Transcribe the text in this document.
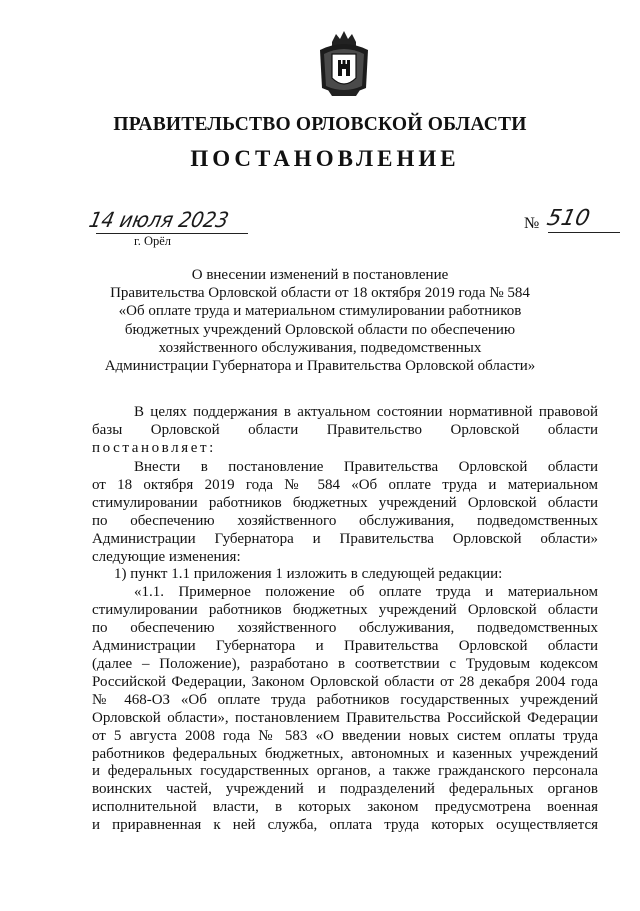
ПРАВИТЕЛЬСТВО ОРЛОВСКОЙ ОБЛАСТИ
ПОСТАНОВЛЕНИЕ
14 июля 2023
г. Орёл
№ 510
О внесении изменений в постановление
Правительства Орловской области от 18 октября 2019 года № 584
«Об оплате труда и материальном стимулировании работников
бюджетных учреждений Орловской области по обеспечению
хозяйственного обслуживания, подведомственных
Администрации Губернатора и Правительства Орловской области»
В целях поддержания в актуальном состоянии нормативной правовой
базы Орловской области Правительство Орловской области
постановляет:
Внести в постановление Правительства Орловской области
от 18 октября 2019 года № 584 «Об оплате труда и материальном
стимулировании работников бюджетных учреждений Орловской области
по обеспечению хозяйственного обслуживания, подведомственных
Администрации Губернатора и Правительства Орловской области»
следующие изменения:
1) пункт 1.1 приложения 1 изложить в следующей редакции:
«1.1. Примерное положение об оплате труда и материальном
стимулировании работников бюджетных учреждений Орловской области
по обеспечению хозяйственного обслуживания, подведомственных
Администрации Губернатора и Правительства Орловской области
(далее – Положение), разработано в соответствии с Трудовым кодексом
Российской Федерации, Законом Орловской области от 28 декабря 2004 года
№ 468-ОЗ «Об оплате труда работников государственных учреждений
Орловской области», постановлением Правительства Российской Федерации
от 5 августа 2008 года № 583 «О введении новых систем оплаты труда
работников федеральных бюджетных, автономных и казенных учреждений
и федеральных государственных органов, а также гражданского персонала
воинских частей, учреждений и подразделений федеральных органов
исполнительной власти, в которых законом предусмотрена военная
и приравненная к ней служба, оплата труда которых осуществляется
